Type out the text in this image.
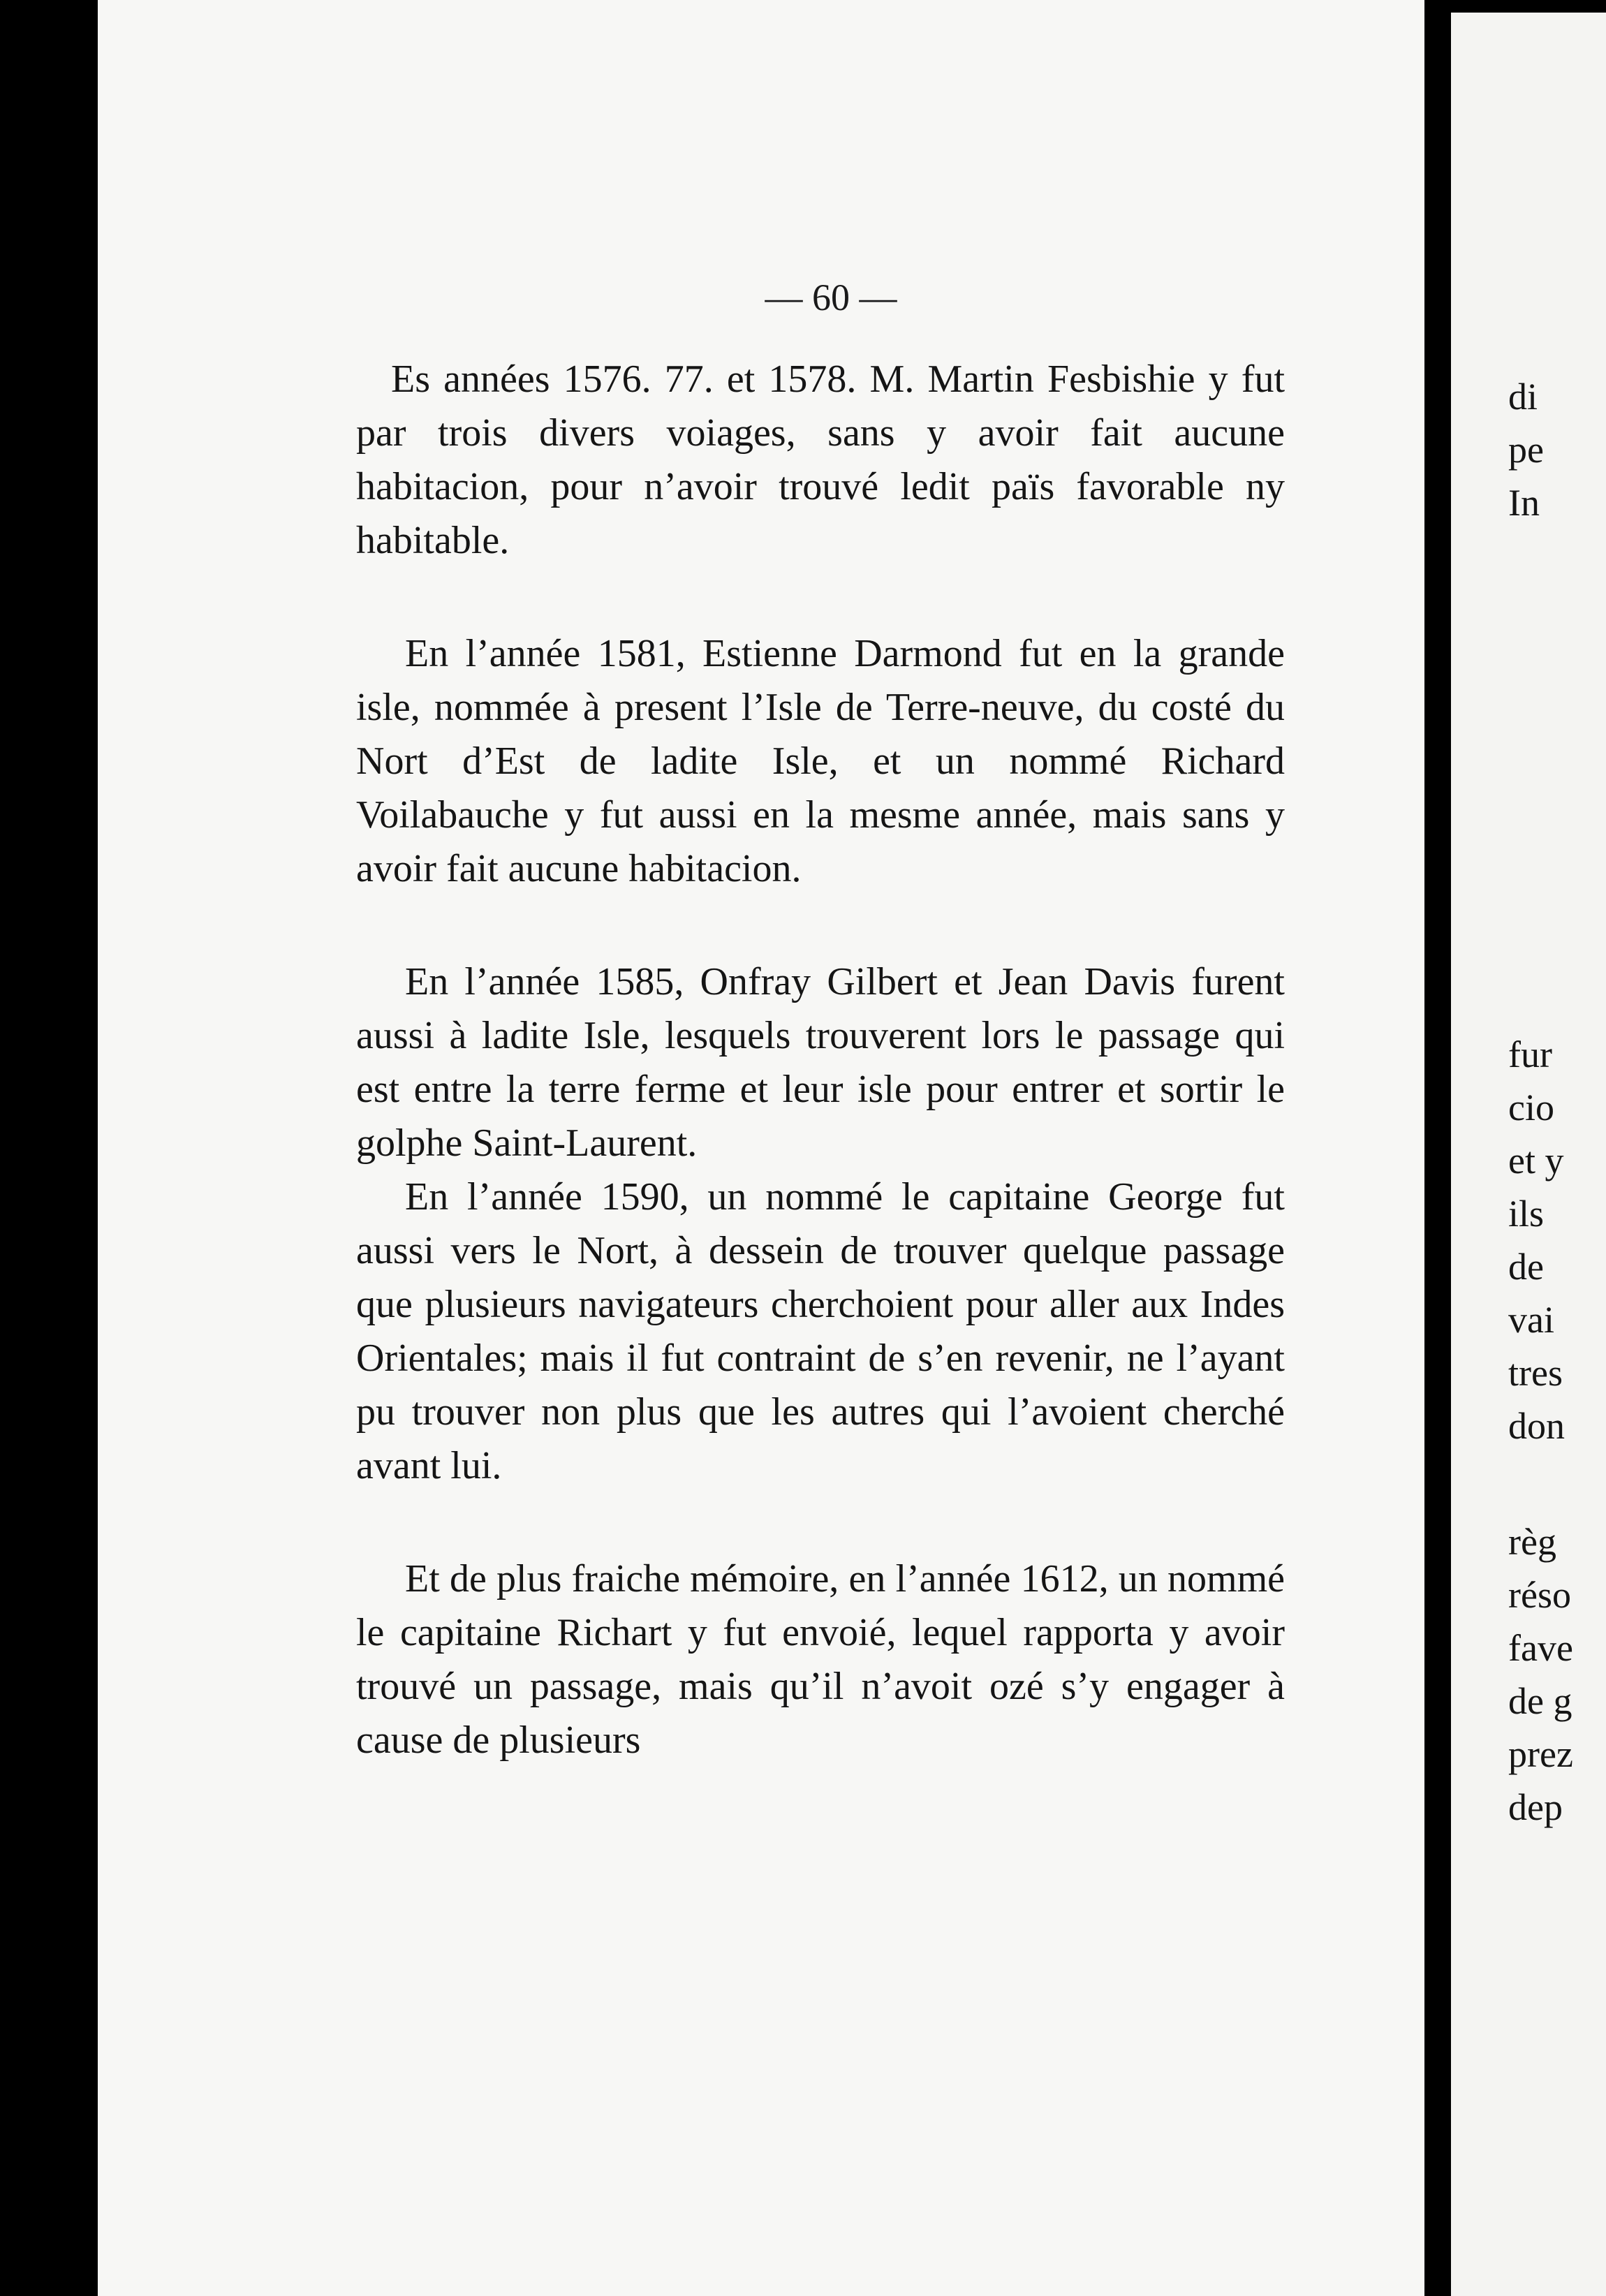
— 60 —

Es années 1576. 77. et 1578. M. Martin Fesbishie y fut par trois divers voiages, sans y avoir fait aucune habitacion, pour n’avoir trouvé ledit païs favorable ny habitable.

En l’année 1581, Estienne Darmond fut en la grande isle, nommée à present l’Isle de Terre-neuve, du costé du Nort d’Est de ladite Isle, et un nommé Richard Voilabauche y fut aussi en la mesme année, mais sans y avoir fait aucune habitacion.

En l’année 1585, Onfray Gilbert et Jean Davis furent aussi à ladite Isle, lesquels trouverent lors le passage qui est entre la terre ferme et leur isle pour entrer et sortir le golphe Saint-Laurent.

En l’année 1590, un nommé le capitaine George fut aussi vers le Nort, à dessein de trouver quelque passage que plusieurs navigateurs cherchoient pour aller aux Indes Orientales; mais il fut contraint de s’en revenir, ne l’ayant pu trouver non plus que les autres qui l’avoient cherché avant lui.

Et de plus fraiche mémoire, en l’année 1612, un nommé le capitaine Richart y fut envoié, lequel rapporta y avoir trouvé un passage, mais qu’il n’avoit ozé s’y engager à cause de plusieurs

di
pe
In
fur
cio
et y
ils
de
vai
tres
don
règ
réso
fave
de g
prez
dep
